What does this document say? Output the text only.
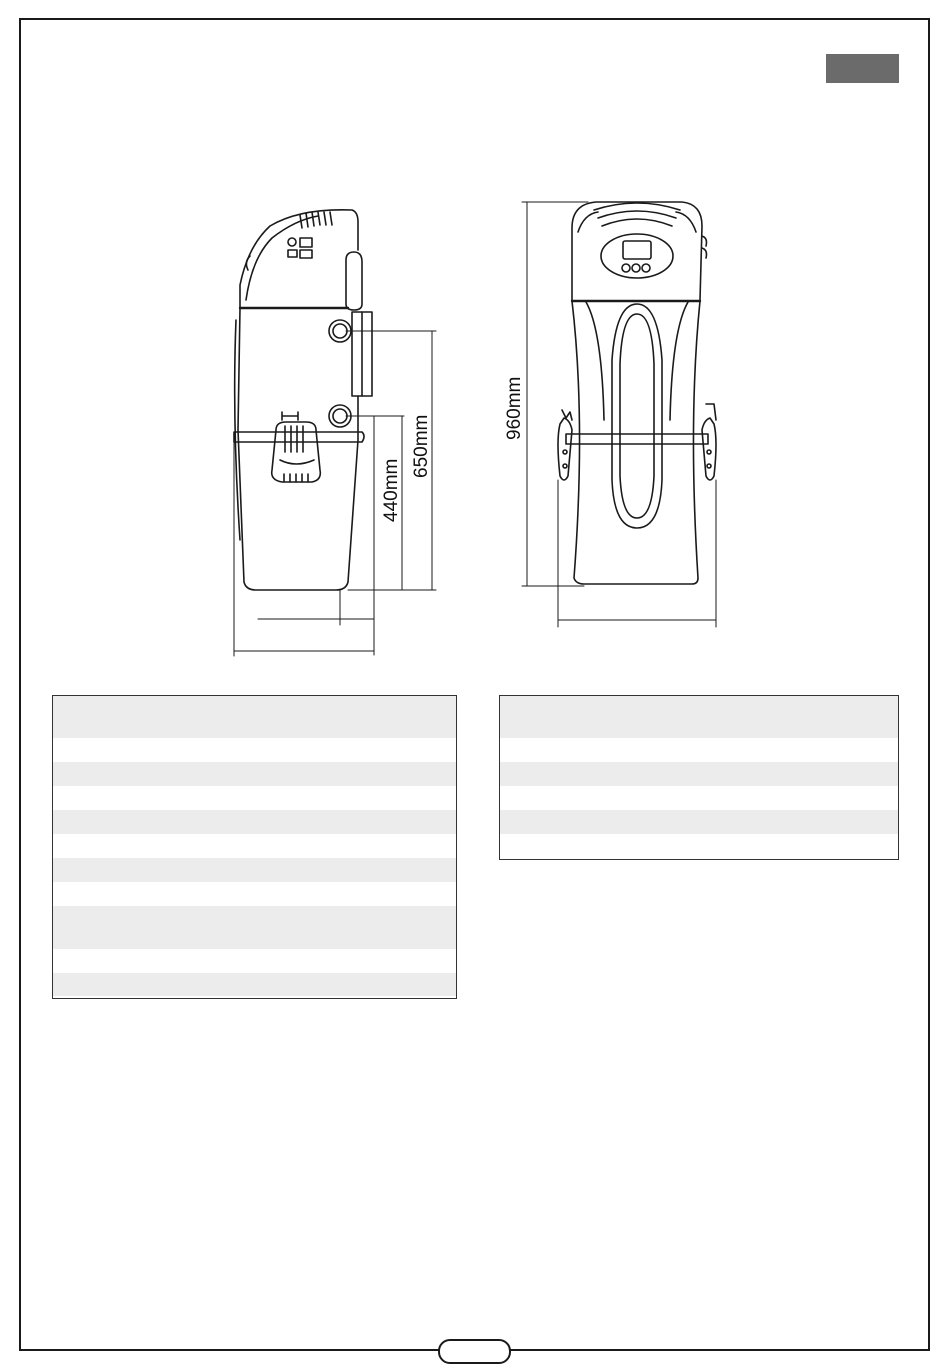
440mm
650mm
960mm
